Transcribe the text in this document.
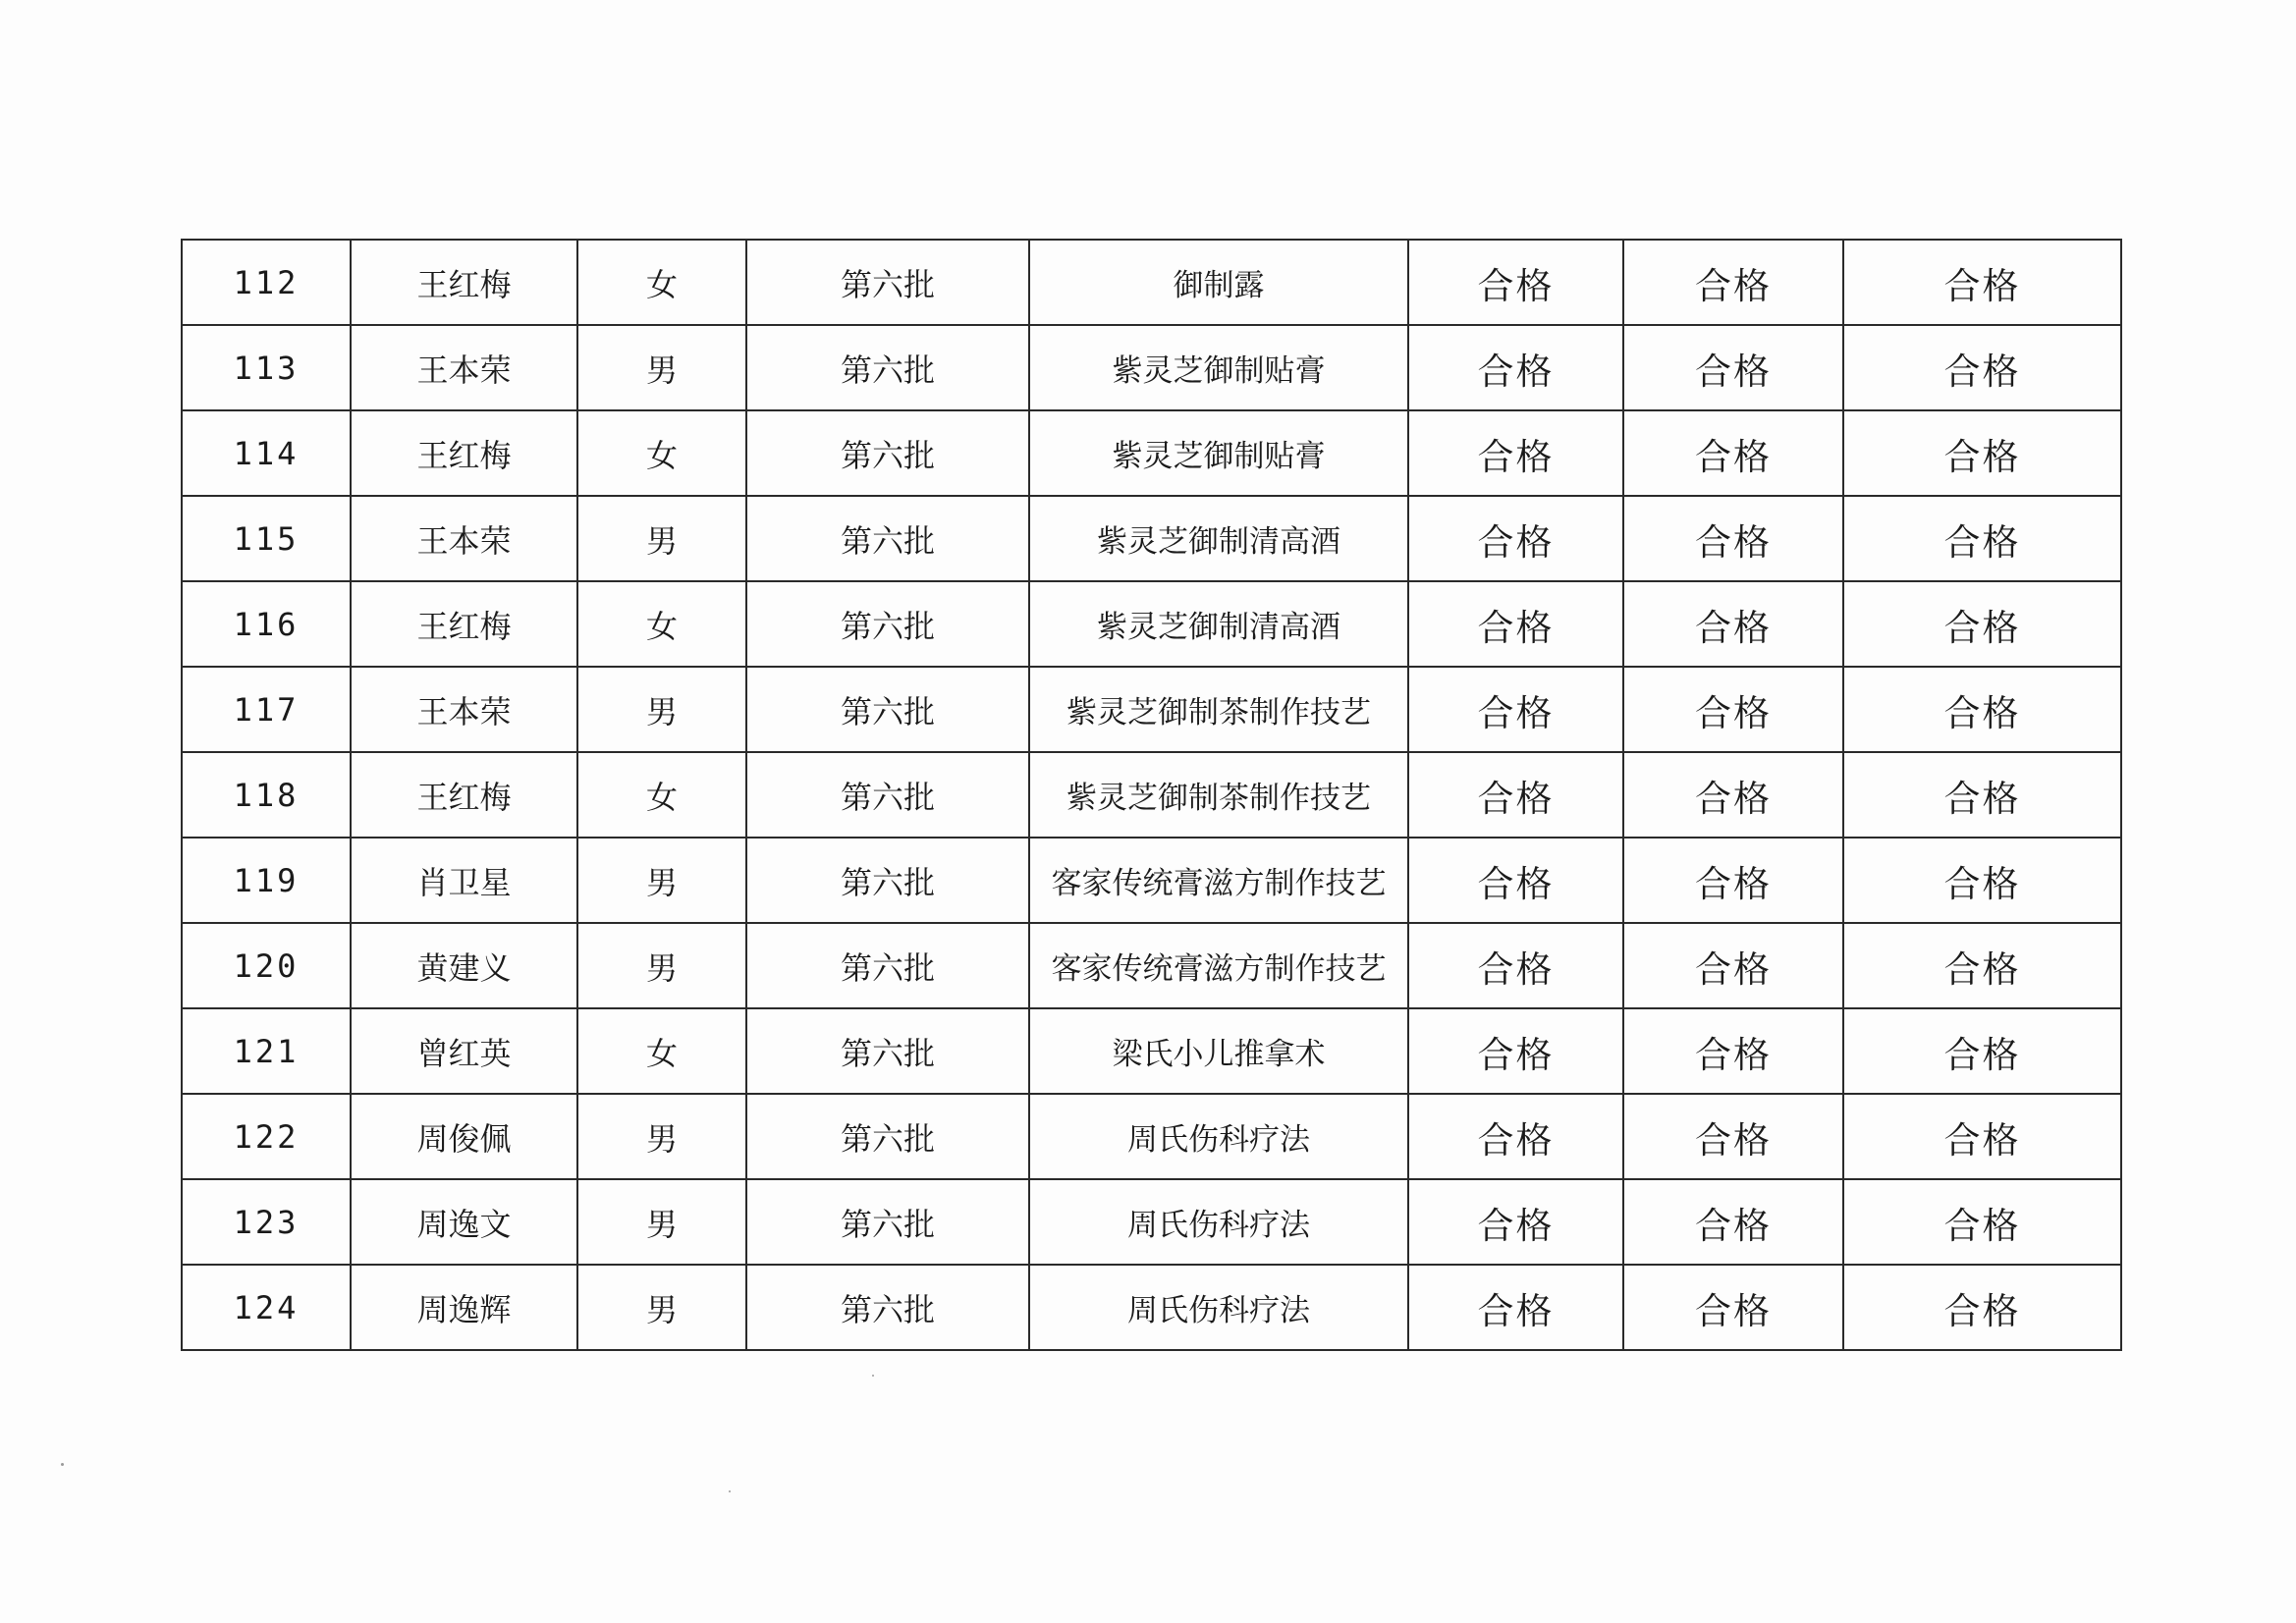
112	王红梅	女	第六批	御制露	合格	合格	合格
113	王本荣	男	第六批	紫灵芝御制贴膏	合格	合格	合格
114	王红梅	女	第六批	紫灵芝御制贴膏	合格	合格	合格
115	王本荣	男	第六批	紫灵芝御制清高酒	合格	合格	合格
116	王红梅	女	第六批	紫灵芝御制清高酒	合格	合格	合格
117	王本荣	男	第六批	紫灵芝御制茶制作技艺	合格	合格	合格
118	王红梅	女	第六批	紫灵芝御制茶制作技艺	合格	合格	合格
119	肖卫星	男	第六批	客家传统膏滋方制作技艺	合格	合格	合格
120	黄建义	男	第六批	客家传统膏滋方制作技艺	合格	合格	合格
121	曾红英	女	第六批	梁氏小儿推拿术	合格	合格	合格
122	周俊佩	男	第六批	周氏伤科疗法	合格	合格	合格
123	周逸文	男	第六批	周氏伤科疗法	合格	合格	合格
124	周逸辉	男	第六批	周氏伤科疗法	合格	合格	合格
